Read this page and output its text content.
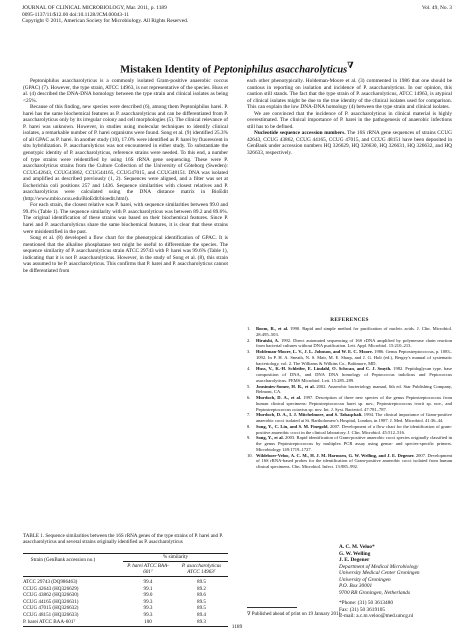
JOURNAL OF CLINICAL MICROBIOLOGY, Mar. 2011, p. 1189
0095-1137/11/$12.00 doi:10.1128/JCM.00043-11
Copyright © 2011, American Society for Microbiology. All Rights Reserved.
Vol. 49, No. 3
Mistaken Identity of Peptoniphilus asaccharolyticus∇

Peptoniphilus asaccharolyticus is a commonly isolated Gram-positive anaerobic coccus (GPAC) (7). However, the type strain, ATCC 14963, is not representative of the species. Huss et al. (4) described the DNA-DNA homology between the type strain and clinical isolates as being <25%.

Because of this finding, new species were described (6), among them Peptoniphilus harei. P. harei has the same biochemical features as P. asaccharolyticus and can be differentiated from P. asaccharolyticus only by its irregular colony and cell morphologies (5). The clinical relevance of P. harei was unknown. However, in studies using molecular techniques to identify clinical isolates, a remarkable number of P. harei organisms were found. Song et al. (9) identified 25.3% of all GPAC as P. harei. In another study (10), 17.0% were identified as P. harei by fluorescent in situ hybridization. P. asaccharolyticus was not encountered in either study. To substantiate the genotypic identity of P. asaccharolyticus, reference strains were needed. To this end, a number of type strains were reidentified by using 16S rRNA gene sequencing. These were P. asaccharolyticus strains from the Culture Collection of the University of Göteborg (Sweden): CCUG42643, CCUG43862, CCUG44165, CCUG47015, and CCUG48151. DNA was isolated and amplified as described previously (1, 2). Sequences were aligned, and a filter was set at Escherichia coli positions 257 and 1436. Sequence similarities with closest relatives and P. asaccharolyticus were calculated using the DNA distance matrix in BioEdit (http://www.mbio.ncsu.edu/BioEdit/bioedit.html).

For each strain, the closest relative was P. harei, with sequence similarities between 99.0 and 99.4% (Table 1). The sequence similarity with P. asaccharolyticus was between 89.2 and 89.6%. The original identification of these strains was based on their biochemical features. Since P. harei and P. asaccharolyticus share the same biochemical features, it is clear that these strains were misidentified in the past.

Song et al. (8) developed a flow chart for the phenotypical identification of GPAC. It is mentioned that the alkaline phosphatase test might be useful to differentiate the species. The sequence similarity of P. asaccharolyticus strain ATCC 29743 with P. harei was 99.6% (Table 1), indicating that it is not P. asaccharolyticus. However, in the study of Song et al. (8), this strain was assumed to be P. asaccharolyticus. This confirms that P. harei and P. asaccharolyticus cannot be differentiated from

each other phenotypically. Holdeman-Moore et al. (3) commented in 1986 that one should be cautious in reporting on isolation and incidence of P. asaccharolyticus. In our opinion, this caution still stands. The fact that the type strain of P. asaccharolyticus, ATCC 14963, is atypical of clinical isolates might be due to the true identity of the clinical isolates used for comparison. This can explain the low DNA-DNA homology (4) between the type strain and clinical isolates.

We are convinced that the incidence of P. asaccharolyticus in clinical material is highly overestimated. The clinical importance of P. harei in the pathogenesis of anaerobic infections still has to be defined.

Nucleotide sequence accession numbers. The 16S rRNA gene sequences of strains CCUG 42643, CCUG 43862, CCUG 44165, CCUG 47015, and CCUG 48151 have been deposited in GenBank under accession numbers HQ 326629, HQ 326630, HQ 326631, HQ 326632, and HQ 326633, respectively.

REFERENCES
1. Boom, R., et al. 1990. Rapid and simple method for purification of nucleic acids. J. Clin. Microbiol. 28:495–503.
2. Hiraishi, A. 1992. Direct automated sequencing of 16S rDNA amplified by polymerase chain reaction from bacterial cultures without DNA purification. Lett. Appl. Microbiol. 15:210–213.
3. Holdeman-Moore, L. V., J. L. Johnson, and W. E. C. Moore. 1986. Genus Peptostreptococcus, p. 1083–1092. In P. H. A. Sneath, N. S. Mair, M. E. Sharp, and J. G. Holt (ed.), Bergey's manual of systematic bacteriology, vol. 2. The Williams & Wilkins Co., Baltimore, MD.
4. Huss, V., K.-H. Schleifer, E. Lindahl, O. Schwan, and C. J. Smyth. 1982. Peptidoglycan type, base composition of DNA, and DNA DNA homology of Peptococcus indolicus and Peptococcus asaccharolyticus. FEMS Microbiol. Lett. 15:285–289.
5. Jousimies-Somer, H. R., et al. 2002. Anaerobic bacteriology manual, 6th ed. Star Publishing Company, Belmont, CA.
6. Murdoch, D. A., et al. 1997. Description of three new species of the genus Peptostreptococcus from human clinical specimens: Peptostreptococcus harei sp. nov., Peptostreptococcus ivorii sp. nov., and Peptostreptococcus octavius sp. nov. Int. J. Syst. Bacteriol. 47:781–787.
7. Murdoch, D. A., I. J. Mitchelmore, and S. Tabaqchali. 1994. The clinical importance of Gram-positive anaerobic cocci isolated at St. Bartholomew's Hospital, London, in 1987. J. Med. Microbiol. 41:36–44.
8. Song, Y., C. Liu, and S. M. Finegold. 2007. Development of a flow chart for the identification of gram-positive anaerobic cocci in the clinical laboratory. J. Clin. Microbiol. 45:512–516.
9. Song, Y., et al. 2003. Rapid identification of Gram-positive anaerobic cocci species originally classified in the genus Peptostreptococcus by multiplex PCR assay using genus- and species-specific primers. Microbiology 149:1719–1727.
10. Wildeboer-Veloo, A. C. M., H. J. M. Harmsen, G. W. Welling, and J. E. Degener. 2007. Development of 16S rRNA-based probes for the identification of Gram-positive anaerobic cocci isolated from human clinical specimens. Clin. Microbiol. Infect. 13:985–992.
TABLE 1. Sequence similarities between the 16S rRNA genes of the type strains of P. harei and P. asaccharolyticus and several strains originally identified as P. asaccharolyticus
Strain (GenBank accession no.)	% similarity
P. harei ATCC BAA-601ᵀ
P. asaccharolyticus ATCC 14963ᵀ
ATCC 29743 (DQ986463)	99.4	89.5
CCUG 42643 (HQ326629)	99.1	89.2
CCUG 43862 (HQ326630)	99.0	89.6
CCUG 44165 (HQ326631)	99.3	89.5
CCUG 47015 (HQ326632)	99.3	89.5
CCUG 48151 (HQ326633)	99.3	89.4
P. harei ATCC BAA-601ᵀ	100	89.3
A. C. M. Veloo*
G. W. Welling
J. E. Degener
Department of Medical Microbiology
University Medical Center Groningen
University of Groningen
P.O. Box 30001
9700 RB Groningen, Netherlands
*Phone: (31) 50 3613480
Fax: (31) 50 3619105
E-mail: a.c.m.veloo@med.umcg.nl
∇ Published ahead of print on 19 January 2011.
1189
